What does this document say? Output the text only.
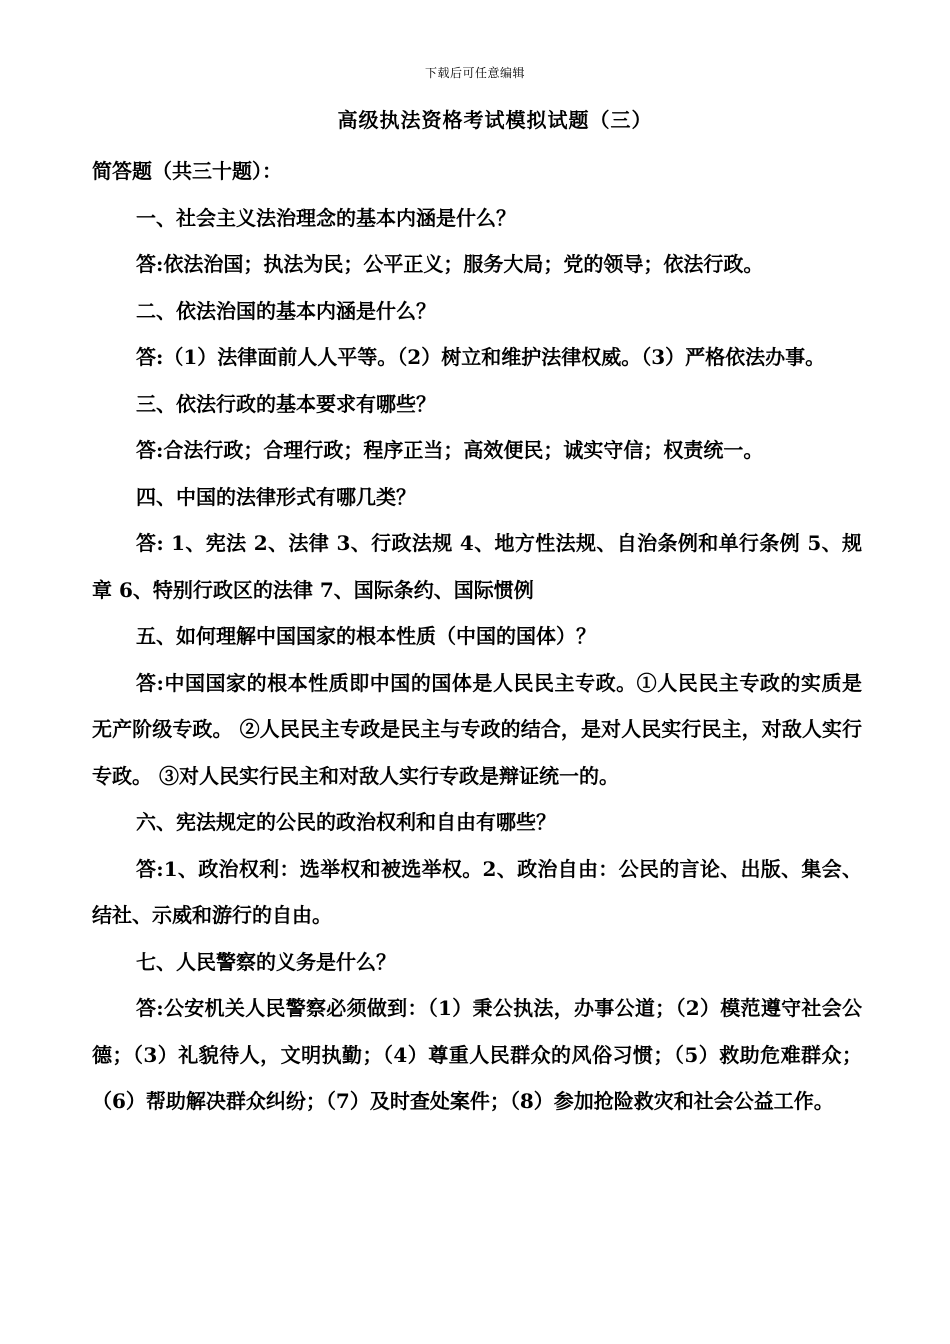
下载后可任意编辑
高级执法资格考试模拟试题（三）

简答题（共三十题）：

一、社会主义法治理念的基本内涵是什么？

答:依法治国；执法为民；公平正义；服务大局；党的领导；依法行政。

二、依法治国的基本内涵是什么？

答:（1）法律面前人人平等。（2）树立和维护法律权威。（3）严格依法办事。

三、依法行政的基本要求有哪些？

答:合法行政；合理行政；程序正当；高效便民；诚实守信；权责统一。

四、中国的法律形式有哪几类？

答: 1、宪法 2、法律 3、行政法规 4、地方性法规、自治条例和单行条例 5、规章 6、特别行政区的法律 7、国际条约、国际惯例

五、如何理解中国国家的根本性质（中国的国体）？

答:中国国家的根本性质即中国的国体是人民民主专政。①人民民主专政的实质是无产阶级专政。 ②人民民主专政是民主与专政的结合，是对人民实行民主，对敌人实行专政。 ③对人民实行民主和对敌人实行专政是辩证统一的。

六、宪法规定的公民的政治权利和自由有哪些？

答:1、政治权利：选举权和被选举权。2、政治自由：公民的言论、出版、集会、结社、示威和游行的自由。

七、人民警察的义务是什么？

答:公安机关人民警察必须做到：（1）秉公执法，办事公道；（2）模范遵守社会公德；（3）礼貌待人，文明执勤；（4）尊重人民群众的风俗习惯；（5）救助危难群众；（6）帮助解决群众纠纷；（7）及时查处案件；（8）参加抢险救灾和社会公益工作。
